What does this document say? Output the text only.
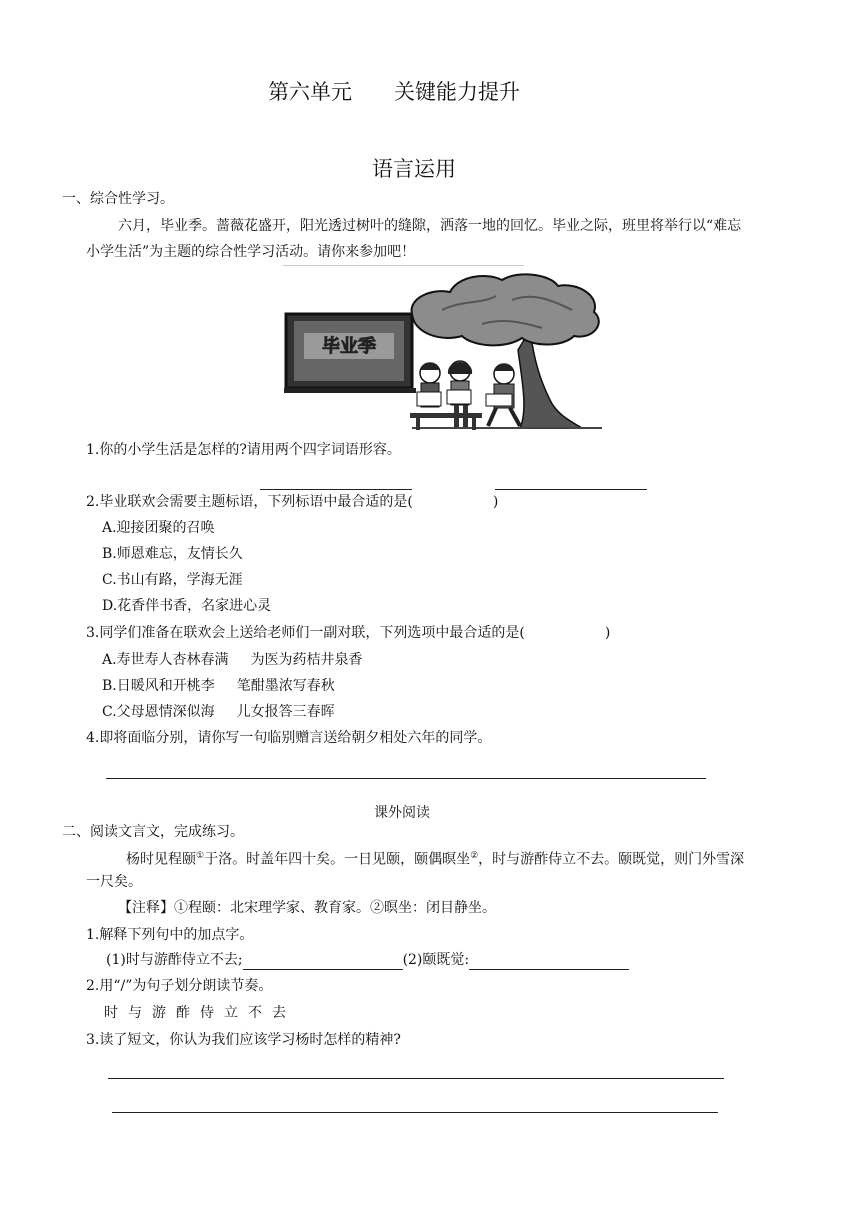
第六单元 关键能力提升
语言运用
一、综合性学习。
六月，毕业季。蔷薇花盛开，阳光透过树叶的缝隙，洒落一地的回忆。毕业之际，班里将举行以“难忘
小学生活”为主题的综合性学习活动。请你来参加吧！
毕业季
1.你的小学生活是怎样的?请用两个四字词语形容。
2.毕业联欢会需要主题标语，下列标语中最合适的是(	)
A.迎接团聚的召唤
B.师恩难忘，友情长久
C.书山有路，学海无涯
D.花香伴书香，名家进心灵
3.同学们准备在联欢会上送给老师们一副对联，下列选项中最合适的是(	)
A.寿世寿人杏林春满 为医为药桔井泉香
B.日暖风和开桃李 笔酣墨浓写春秋
C.父母恩情深似海 儿女报答三春晖
4.即将面临分别，请你写一句临别赠言送给朝夕相处六年的同学。
课外阅读
二、阅读文言文，完成练习。
杨时见程颐①于洛。时盖年四十矣。一日见颐，颐偶暝坐②，时与游酢侍立不去。颐既觉，则门外雪深
一尺矣。
【注释】①程颐：北宋理学家、教育家。②暝坐：闭目静坐。
1.解释下列句中的加点字。
(1)时与游酢侍立不去;	(2)颐既觉:
2.用“/”为句子划分朗读节奏。
时与游酢侍立不去
3.读了短文，你认为我们应该学习杨时怎样的精神?
